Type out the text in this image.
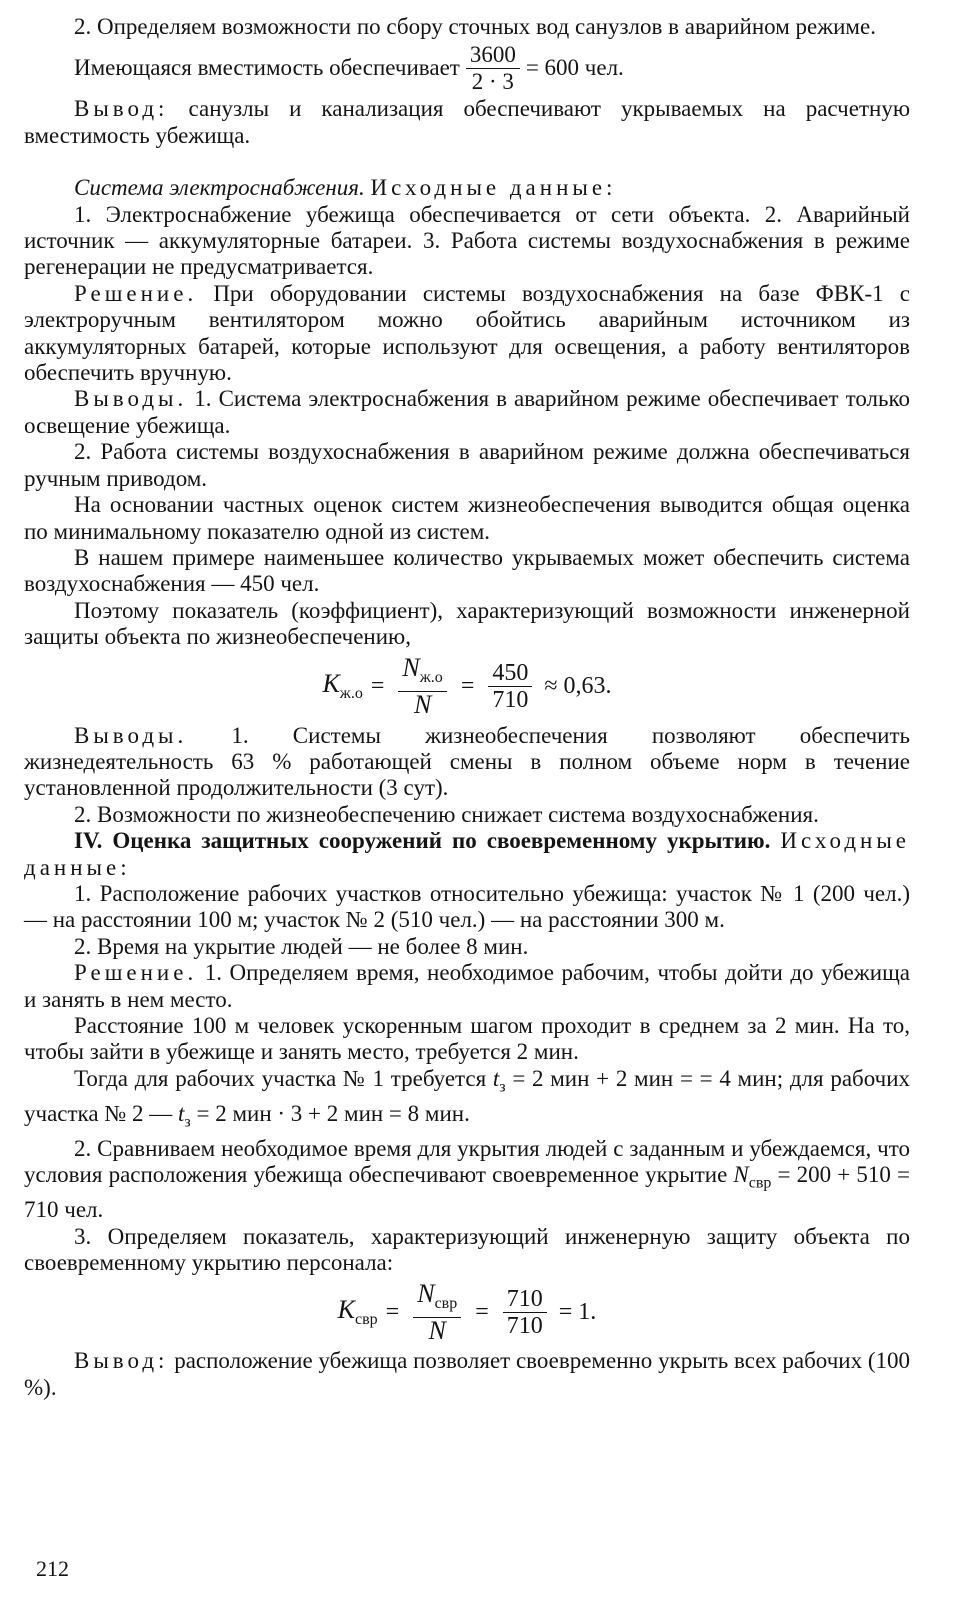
2. Определяем возможности по сбору сточных вод санузлов в аварийном режиме.

Имеющаяся вместимость обеспечивает $\frac{3600}{2 \cdot 3} = 600$ чел.

Вывод: санузлы и канализация обеспечивают укрываемых на расчетную вместимость убежища.

Система электроснабжения. Исходные данные:

1. Электроснабжение убежища обеспечивается от сети объекта. 2. Аварийный источник — аккумуляторные батареи. 3. Работа системы воздухоснабжения в режиме регенерации не предусматривается.

Решение. При оборудовании системы воздухоснабжения на базе ФВК-1 с электроручным вентилятором можно обойтись аварийным источником из аккумуляторных батарей, которые используют для освещения, а работу вентиляторов обеспечить вручную.

Выводы. 1. Система электроснабжения в аварийном режиме обеспечивает только освещение убежища.

2. Работа системы воздухоснабжения в аварийном режиме должна обеспечиваться ручным приводом.

На основании частных оценок систем жизнеобеспечения выводится общая оценка по минимальному показателю одной из систем.

В нашем примере наименьшее количество укрываемых может обеспечить система воздухоснабжения — 450 чел.

Поэтому показатель (коэффициент), характеризующий возможности инженерной защиты объекта по жизнеобеспечению,

$K_{ж.о} = \frac{N_{ж.о}}{N} = \frac{450}{710} \approx 0,63$.

Выводы. 1. Системы жизнеобеспечения позволяют обеспечить жизнедеятельность 63 % работающей смены в полном объеме норм в течение установленной продолжительности (3 сут).

2. Возможности по жизнеобеспечению снижает система воздухоснабжения.

IV. Оценка защитных сооружений по своевременному укрытию. Исходные данные:

1. Расположение рабочих участков относительно убежища: участок № 1 (200 чел.) — на расстоянии 100 м; участок № 2 (510 чел.) — на расстоянии 300 м.

2. Время на укрытие людей — не более 8 мин.

Решение. 1. Определяем время, необходимое рабочим, чтобы дойти до убежища и занять в нем место.

Расстояние 100 м человек ускоренным шагом проходит в среднем за 2 мин. На то, чтобы зайти в убежище и занять место, требуется 2 мин.

Тогда для рабочих участка № 1 требуется $t_з = 2$ мин + 2 мин = = 4 мин; для рабочих участка № 2 — $t_з = 2$ мин · 3 + 2 мин = 8 мин.

2. Сравниваем необходимое время для укрытия людей с заданным и убеждаемся, что условия расположения убежища обеспечивают своевременное укрытие $N_{свр} = 200 + 510 = 710$ чел.

3. Определяем показатель, характеризующий инженерную защиту объекта по своевременному укрытию персонала:

$K_{свр} = \frac{N_{свр}}{N} = \frac{710}{710} = 1$.

Вывод: расположение убежища позволяет своевременно укрыть всех рабочих (100 %).

212
